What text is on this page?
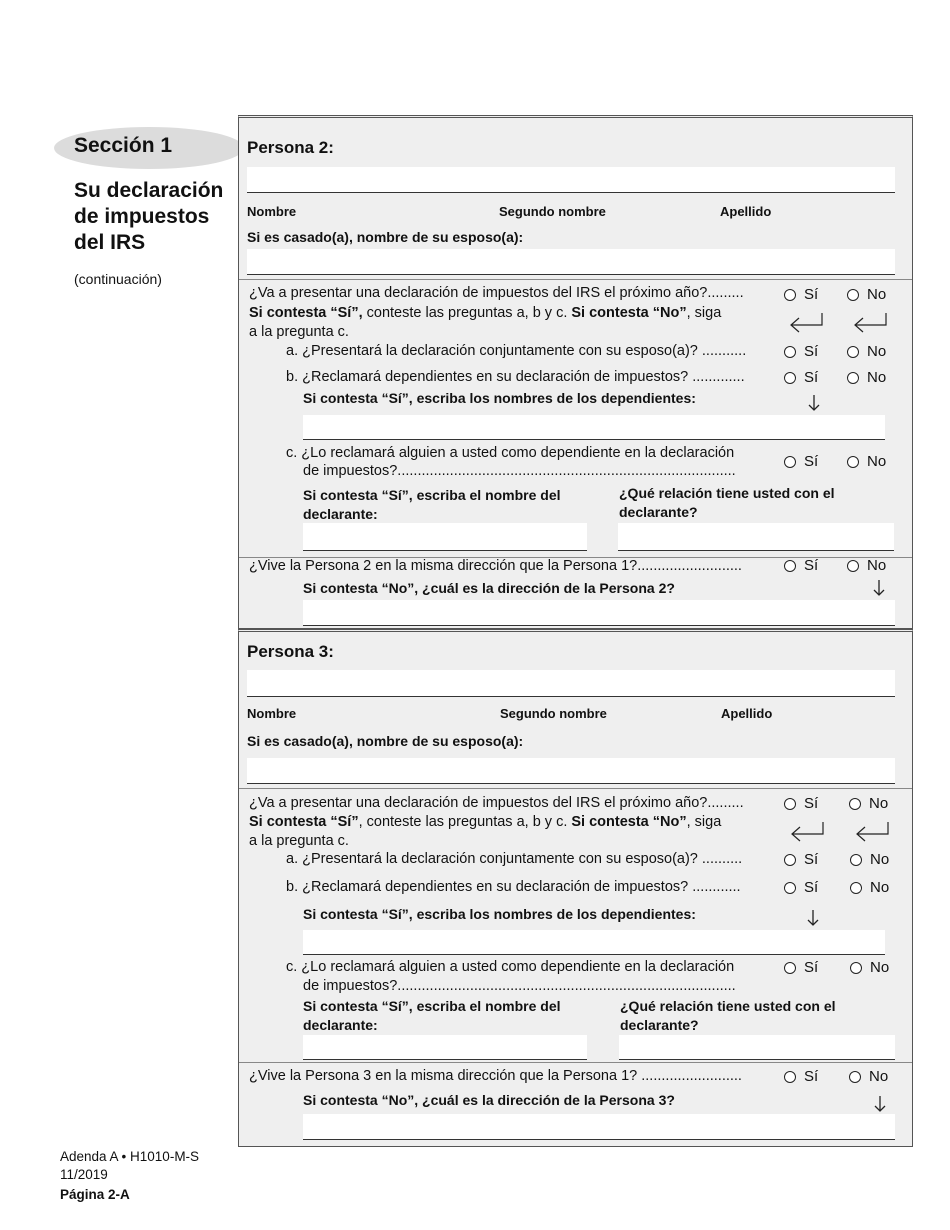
Sección 1
Su declaración
de impuestos
del IRS
(continuación)
Adenda A • H1010-M-S
11/2019
Página 2-A
Persona 2:
Nombre	Segundo nombre	Apellido
Si es casado(a), nombre de su esposo(a):
¿Va a presentar una declaración de impuestos del IRS el próximo año?.........	Sí	No
Si contesta “Sí”, conteste las preguntas a, b y c. Si contesta “No”, siga
a la pregunta c.
a. ¿Presentará la declaración conjuntamente con su esposo(a)? ...........	Sí	No
b. ¿Reclamará dependientes en su declaración de impuestos? .............	Sí	No
Si contesta “Sí”, escriba los nombres de los dependientes:
c. ¿Lo reclamará alguien a usted como dependiente en la declaración
de impuestos?....................................................................................
Sí	No
Si contesta “Sí”, escriba el nombre del
declarante:
¿Qué relación tiene usted con el
declarante?
¿Vive la Persona 2 en la misma dirección que la Persona 1?..........................	Sí	No
Si contesta “No”, ¿cuál es la dirección de la Persona 2?
Persona 3:
Nombre	Segundo nombre	Apellido
Si es casado(a), nombre de su esposo(a):
¿Va a presentar una declaración de impuestos del IRS el próximo año?.........	Sí	No
Si contesta “Sí”, conteste las preguntas a, b y c. Si contesta “No”, siga
a la pregunta c.
a. ¿Presentará la declaración conjuntamente con su esposo(a)? ..........	Sí	No
b. ¿Reclamará dependientes en su declaración de impuestos? ............	Sí	No
Si contesta “Sí”, escriba los nombres de los dependientes:
c. ¿Lo reclamará alguien a usted como dependiente en la declaración
de impuestos?....................................................................................
Sí	No
Si contesta “Sí”, escriba el nombre del
declarante:
¿Qué relación tiene usted con el
declarante?
¿Vive la Persona 3 en la misma dirección que la Persona 1? .........................	Sí	No
Si contesta “No”, ¿cuál es la dirección de la Persona 3?
